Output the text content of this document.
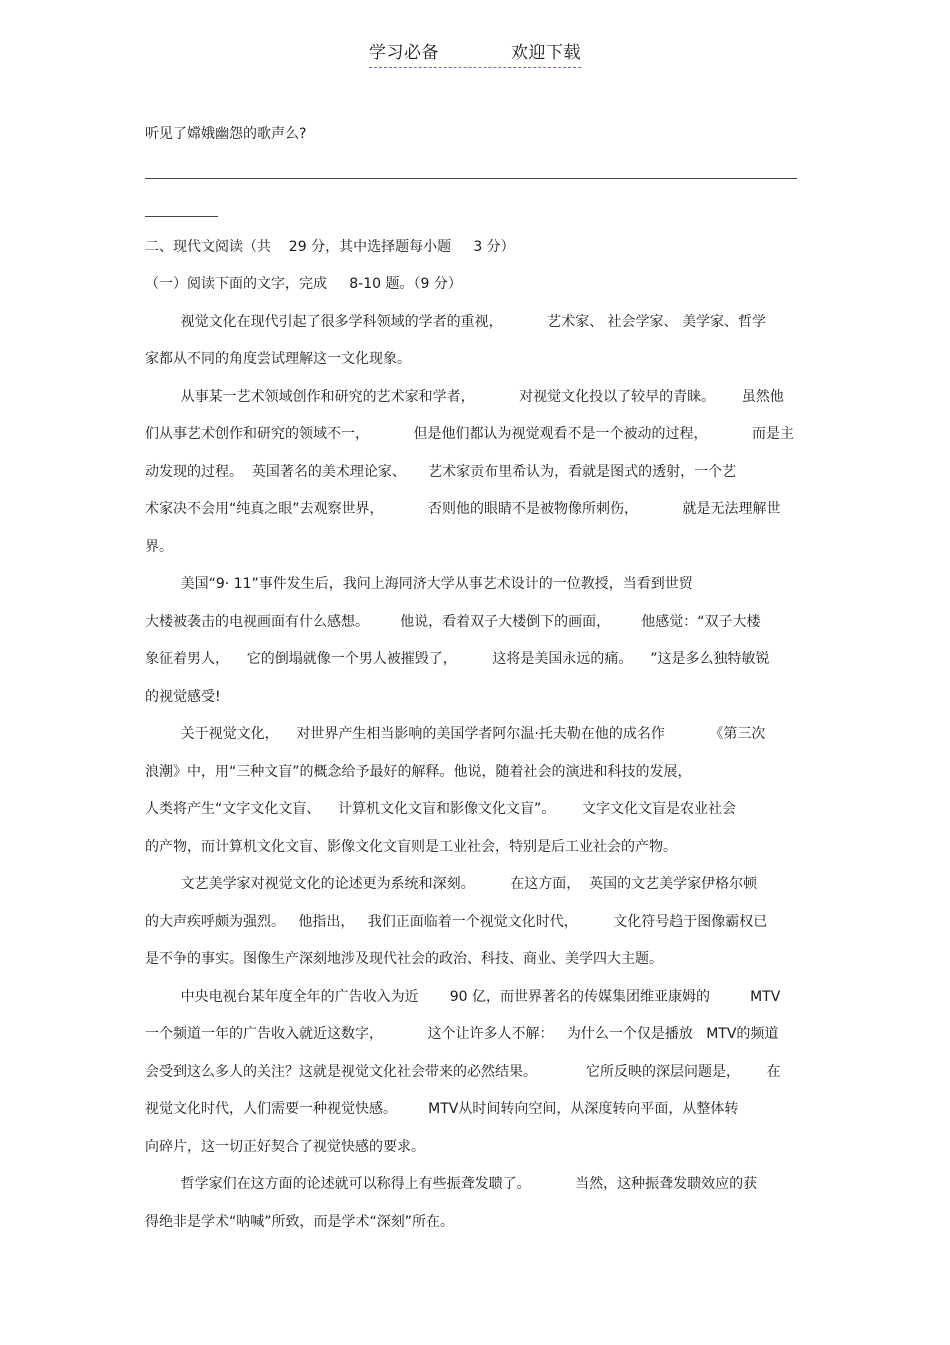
学习必备	欢迎下载
听见了嫦娥幽怨的歌声么?
二、现代文阅读（共    29 分，其中选择题每小题     3 分）
（一）阅读下面的文字，完成     8-10 题。（9 分）
视觉文化在现代引起了很多学科领域的学者的重视，          艺术家、 社会学家、 美学家、哲学
家都从不同的角度尝试理解这一文化现象。
从事某一艺术领域创作和研究的艺术家和学者，          对视觉文化投以了较早的青睐。      虽然他
们从事艺术创作和研究的领域不一，          但是他们都认为视觉观看不是一个被动的过程，          而是主
动发现的过程。  英国著名的美术理论家、     艺术家贡布里希认为，看就是图式的透射，一个艺
术家决不会用“纯真之眼”去观察世界，          否则他的眼睛不是被物像所刺伤，          就是无法理解世
界。
美国“9· 11”事件发生后，我问上海同济大学从事艺术设计的一位教授，当看到世贸
大楼被袭击的电视画面有什么感想。       他说，看着双子大楼倒下的画面，       他感觉：“双子大楼
象征着男人，    它的倒塌就像一个男人被摧毁了，        这将是美国永远的痛。    ”这是多么独特敏锐
的视觉感受!
关于视觉文化，    对世界产生相当影响的美国学者阿尔温·托夫勒在他的成名作          《第三次
浪潮》中，用“三种文盲”的概念给予最好的解释。他说，随着社会的演进和科技的发展，
人类将产生“文字文化文盲、    计算机文化文盲和影像文化文盲”。      文字文化文盲是农业社会
的产物，而计算机文化文盲、影像文化文盲则是工业社会，特别是后工业社会的产物。
文艺美学家对视觉文化的论述更为系统和深刻。        在这方面，  英国的文艺美学家伊格尔顿
的大声疾呼颇为强烈。   他指出，   我们正面临着一个视觉文化时代，        文化符号趋于图像霸权已
是不争的事实。图像生产深刻地涉及现代社会的政治、科技、商业、美学四大主题。
中央电视台某年度全年的广告收入为近       90 亿，而世界著名的传媒集团维亚康姆的         MTV
一个频道一年的广告收入就近这数字，          这个让许多人不解：   为什么一个仅是播放   MTV的频道
会受到这么多人的关注？这就是视觉文化社会带来的必然结果。           它所反映的深层问题是，      在
视觉文化时代，人们需要一种视觉快感。       MTV从时间转向空间，从深度转向平面，从整体转
向碎片，这一切正好契合了视觉快感的要求。
哲学家们在这方面的论述就可以称得上有些振聋发聩了。          当然，这种振聋发聩效应的获
得绝非是学术“呐喊”所致，而是学术“深刻”所在。
